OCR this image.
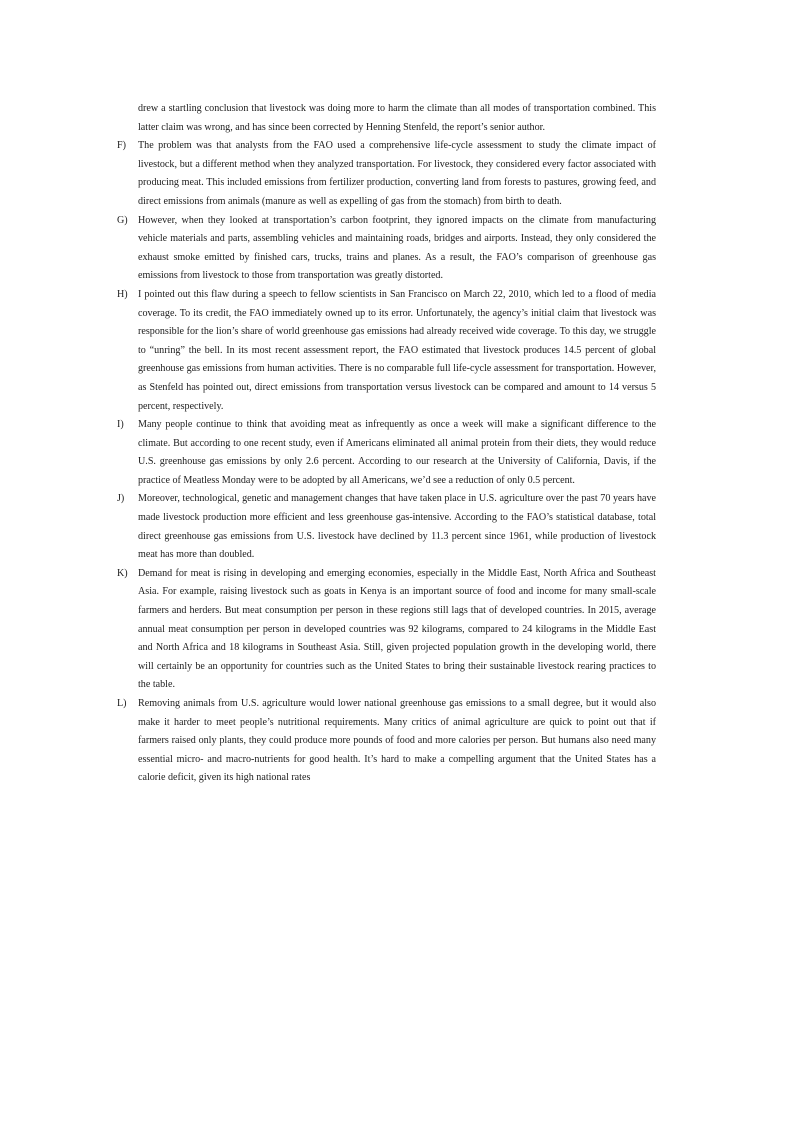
drew a startling conclusion that livestock was doing more to harm the climate than all modes of transportation combined. This latter claim was wrong, and has since been corrected by Henning Stenfeld, the report’s senior author.

F)	The problem was that analysts from the FAO used a comprehensive life-cycle assessment to study the climate impact of livestock, but a different method when they analyzed transportation. For livestock, they considered every factor associated with producing meat. This included emissions from fertilizer production, converting land from forests to pastures, growing feed, and direct emissions from animals (manure as well as expelling of gas from the stomach) from birth to death.
G)	However, when they looked at transportation’s carbon footprint, they ignored impacts on the climate from manufacturing vehicle materials and parts, assembling vehicles and maintaining roads, bridges and airports. Instead, they only considered the exhaust smoke emitted by finished cars, trucks, trains and planes. As a result, the FAO’s comparison of greenhouse gas emissions from livestock to those from transportation was greatly distorted.
H)	I pointed out this flaw during a speech to fellow scientists in San Francisco on March 22, 2010, which led to a flood of media coverage. To its credit, the FAO immediately owned up to its error. Unfortunately, the agency’s initial claim that livestock was responsible for the lion’s share of world greenhouse gas emissions had already received wide coverage. To this day, we struggle to “unring” the bell. In its most recent assessment report, the FAO estimated that livestock produces 14.5 percent of global greenhouse gas emissions from human activities. There is no comparable full life-cycle assessment for transportation. However, as Stenfeld has pointed out, direct emissions from transportation versus livestock can be compared and amount to 14 versus 5 percent, respectively.
I)	Many people continue to think that avoiding meat as infrequently as once a week will make a significant difference to the climate. But according to one recent study, even if Americans eliminated all animal protein from their diets, they would reduce U.S. greenhouse gas emissions by only 2.6 percent. According to our research at the University of California, Davis, if the practice of Meatless Monday were to be adopted by all Americans, we’d see a reduction of only 0.5 percent.
J)	Moreover, technological, genetic and management changes that have taken place in U.S. agriculture over the past 70 years have made livestock production more efficient and less greenhouse gas-intensive. According to the FAO’s statistical database, total direct greenhouse gas emissions from U.S. livestock have declined by 11.3 percent since 1961, while production of livestock meat has more than doubled.
K)	Demand for meat is rising in developing and emerging economies, especially in the Middle East, North Africa and Southeast Asia. For example, raising livestock such as goats in Kenya is an important source of food and income for many small-scale farmers and herders. But meat consumption per person in these regions still lags that of developed countries. In 2015, average annual meat consumption per person in developed countries was 92 kilograms, compared to 24 kilograms in the Middle East and North Africa and 18 kilograms in Southeast Asia. Still, given projected population growth in the developing world, there will certainly be an opportunity for countries such as the United States to bring their sustainable livestock rearing practices to the table.
L)	Removing animals from U.S. agriculture would lower national greenhouse gas emissions to a small degree, but it would also make it harder to meet people’s nutritional requirements. Many critics of animal agriculture are quick to point out that if farmers raised only plants, they could produce more pounds of food and more calories per person. But humans also need many essential micro- and macro-nutrients for good health. It’s hard to make a compelling argument that the United States has a calorie deficit, given its high national rates
